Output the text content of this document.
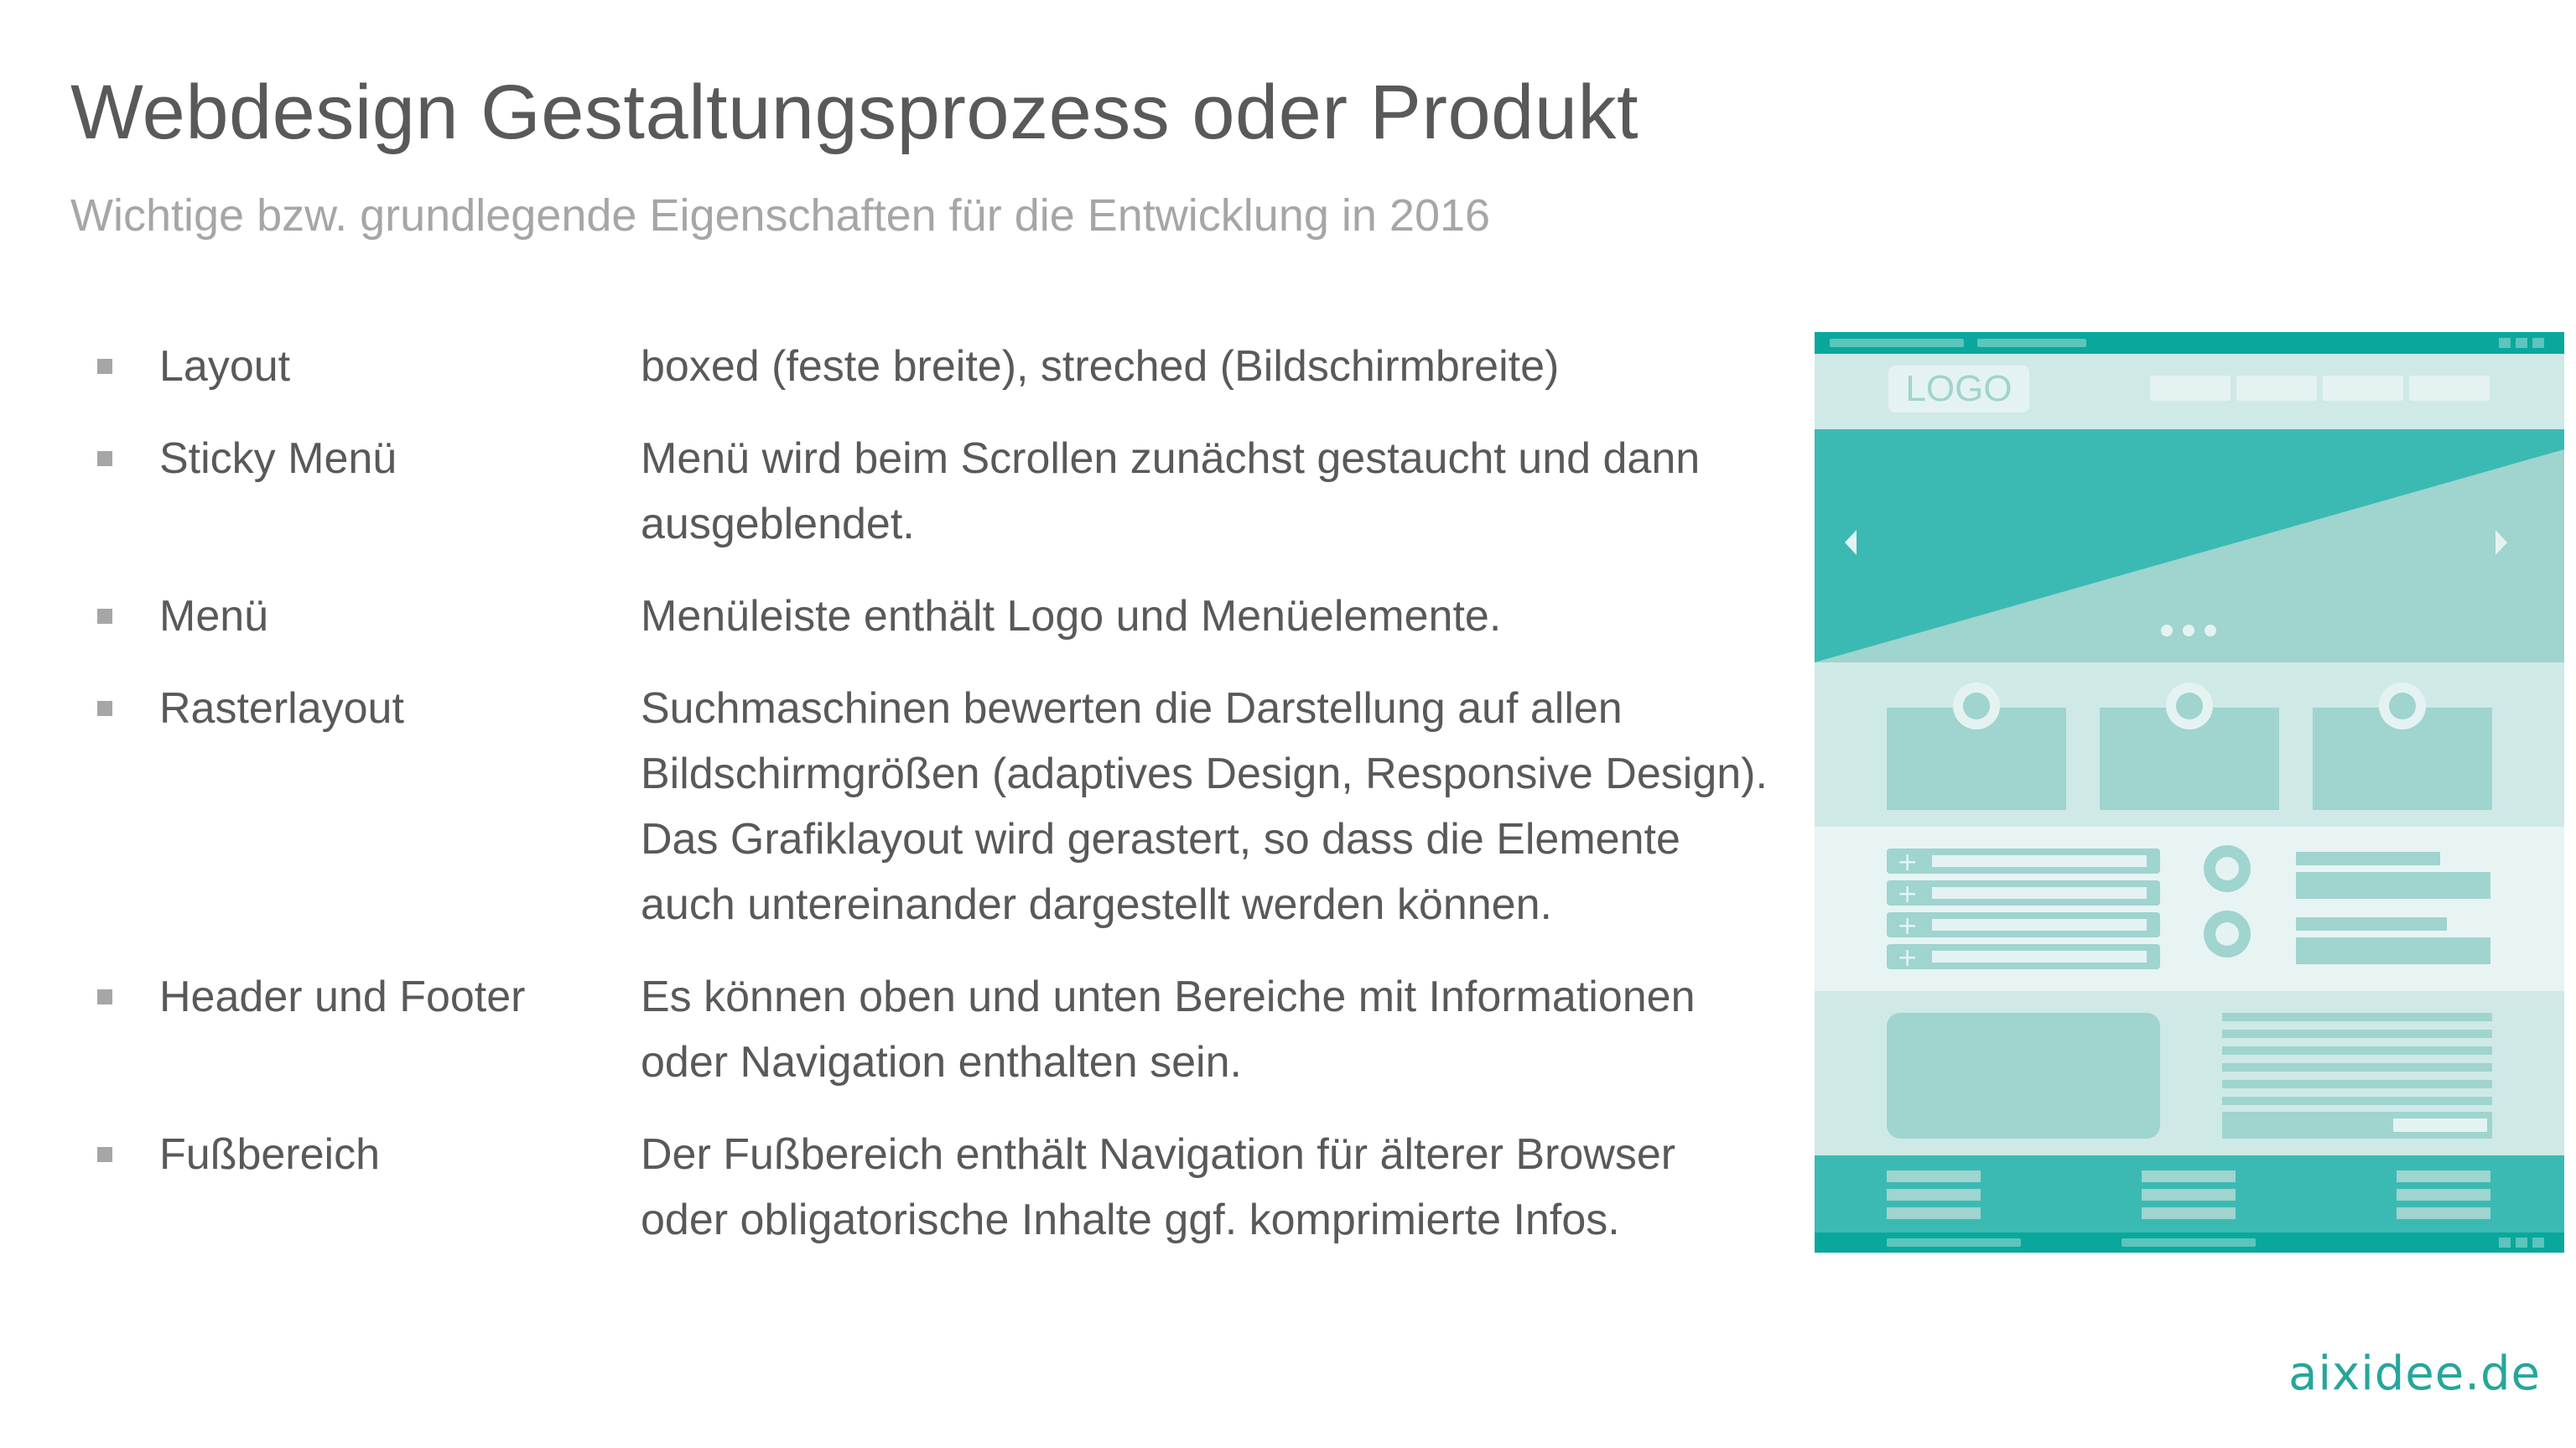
Webdesign Gestaltungsprozess oder Produkt
Wichtige bzw. grundlegende Eigenschaften für die Entwicklung in 2016
Layout	boxed (feste breite), streched (Bildschirmbreite)
Sticky Menü	Menü wird beim Scrollen zunächst gestaucht und dann
ausgeblendet.
Menü	Menüleiste enthält Logo und Menüelemente.
Rasterlayout	Suchmaschinen bewerten die Darstellung auf allen
Bildschirmgrößen (adaptives Design, Responsive Design).
Das Grafiklayout wird gerastert, so dass die Elemente
auch untereinander dargestellt werden können.
Header und Footer	Es können oben und unten Bereiche mit Informationen
oder Navigation enthalten sein.
Fußbereich	Der Fußbereich enthält Navigation für älterer Browser
oder obligatorische Inhalte ggf. komprimierte Infos.
LOGO
+
+
+
+
aixidee.de
